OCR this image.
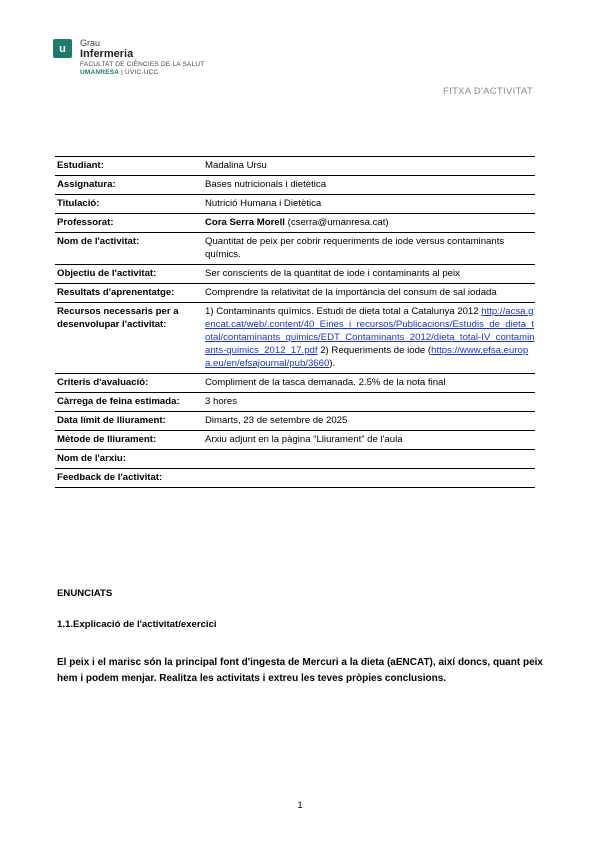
u	Grau
Infermeria
FACULTAT DE CIÈNCIES DE LA SALUT
UMANRESA | UVIC·UCC
FITXA D'ACTIVITAT
Estudiant:	Madalina Ursu
Assignatura:	Bases nutricionals i dietètica
Titulació:	Nutrició Humana i Dietètica
Professorat:	Cora Serra Morell (cserra@umanresa.cat)
Nom de l'activitat:	Quantitat de peix per cobrir requeriments de iode versus contaminants químics.
Objectiu de l'activitat:	Ser conscients de la quantitat de iode i contaminants al peix
Resultats d'aprenentatge:	Comprendre la relativitat de la importància del consum de sal iodada
Recursos necessaris per a desenvolupar l'activitat:	1) Contaminants químics. Estudi de dieta total a Catalunya 2012 http://acsa.gencat.cat/web/.content/40_Eines_i_recursos/Publicacions/Estudis_de_dieta_total/contaminants_quimics/EDT_Contaminants_2012/dieta_total-IV_contaminants-quimics_2012_17.pdf 2) Requeriments de iode (https://www.efsa.europa.eu/en/efsajournal/pub/3660).
Criteris d'avaluació:	Compliment de la tasca demanada. 2.5% de la nota final
Càrrega de feina estimada:	3 hores
Data límit de lliurament:	Dimarts, 23 de setembre de 2025
Mètode de lliurament:	Arxiu adjunt en la pàgina “Lliurament” de l'aula
Nom de l'arxiu:	
Feedback de l'activitat:	
ENUNCIATS
1.1.Explicació de l'activitat/exercici
El peix i el marisc són la principal font d'ingesta de Mercuri a la dieta (aENCAT), així doncs, quant peix hem i podem menjar. Realitza les activitats i extreu les teves pròpies conclusions.
1
